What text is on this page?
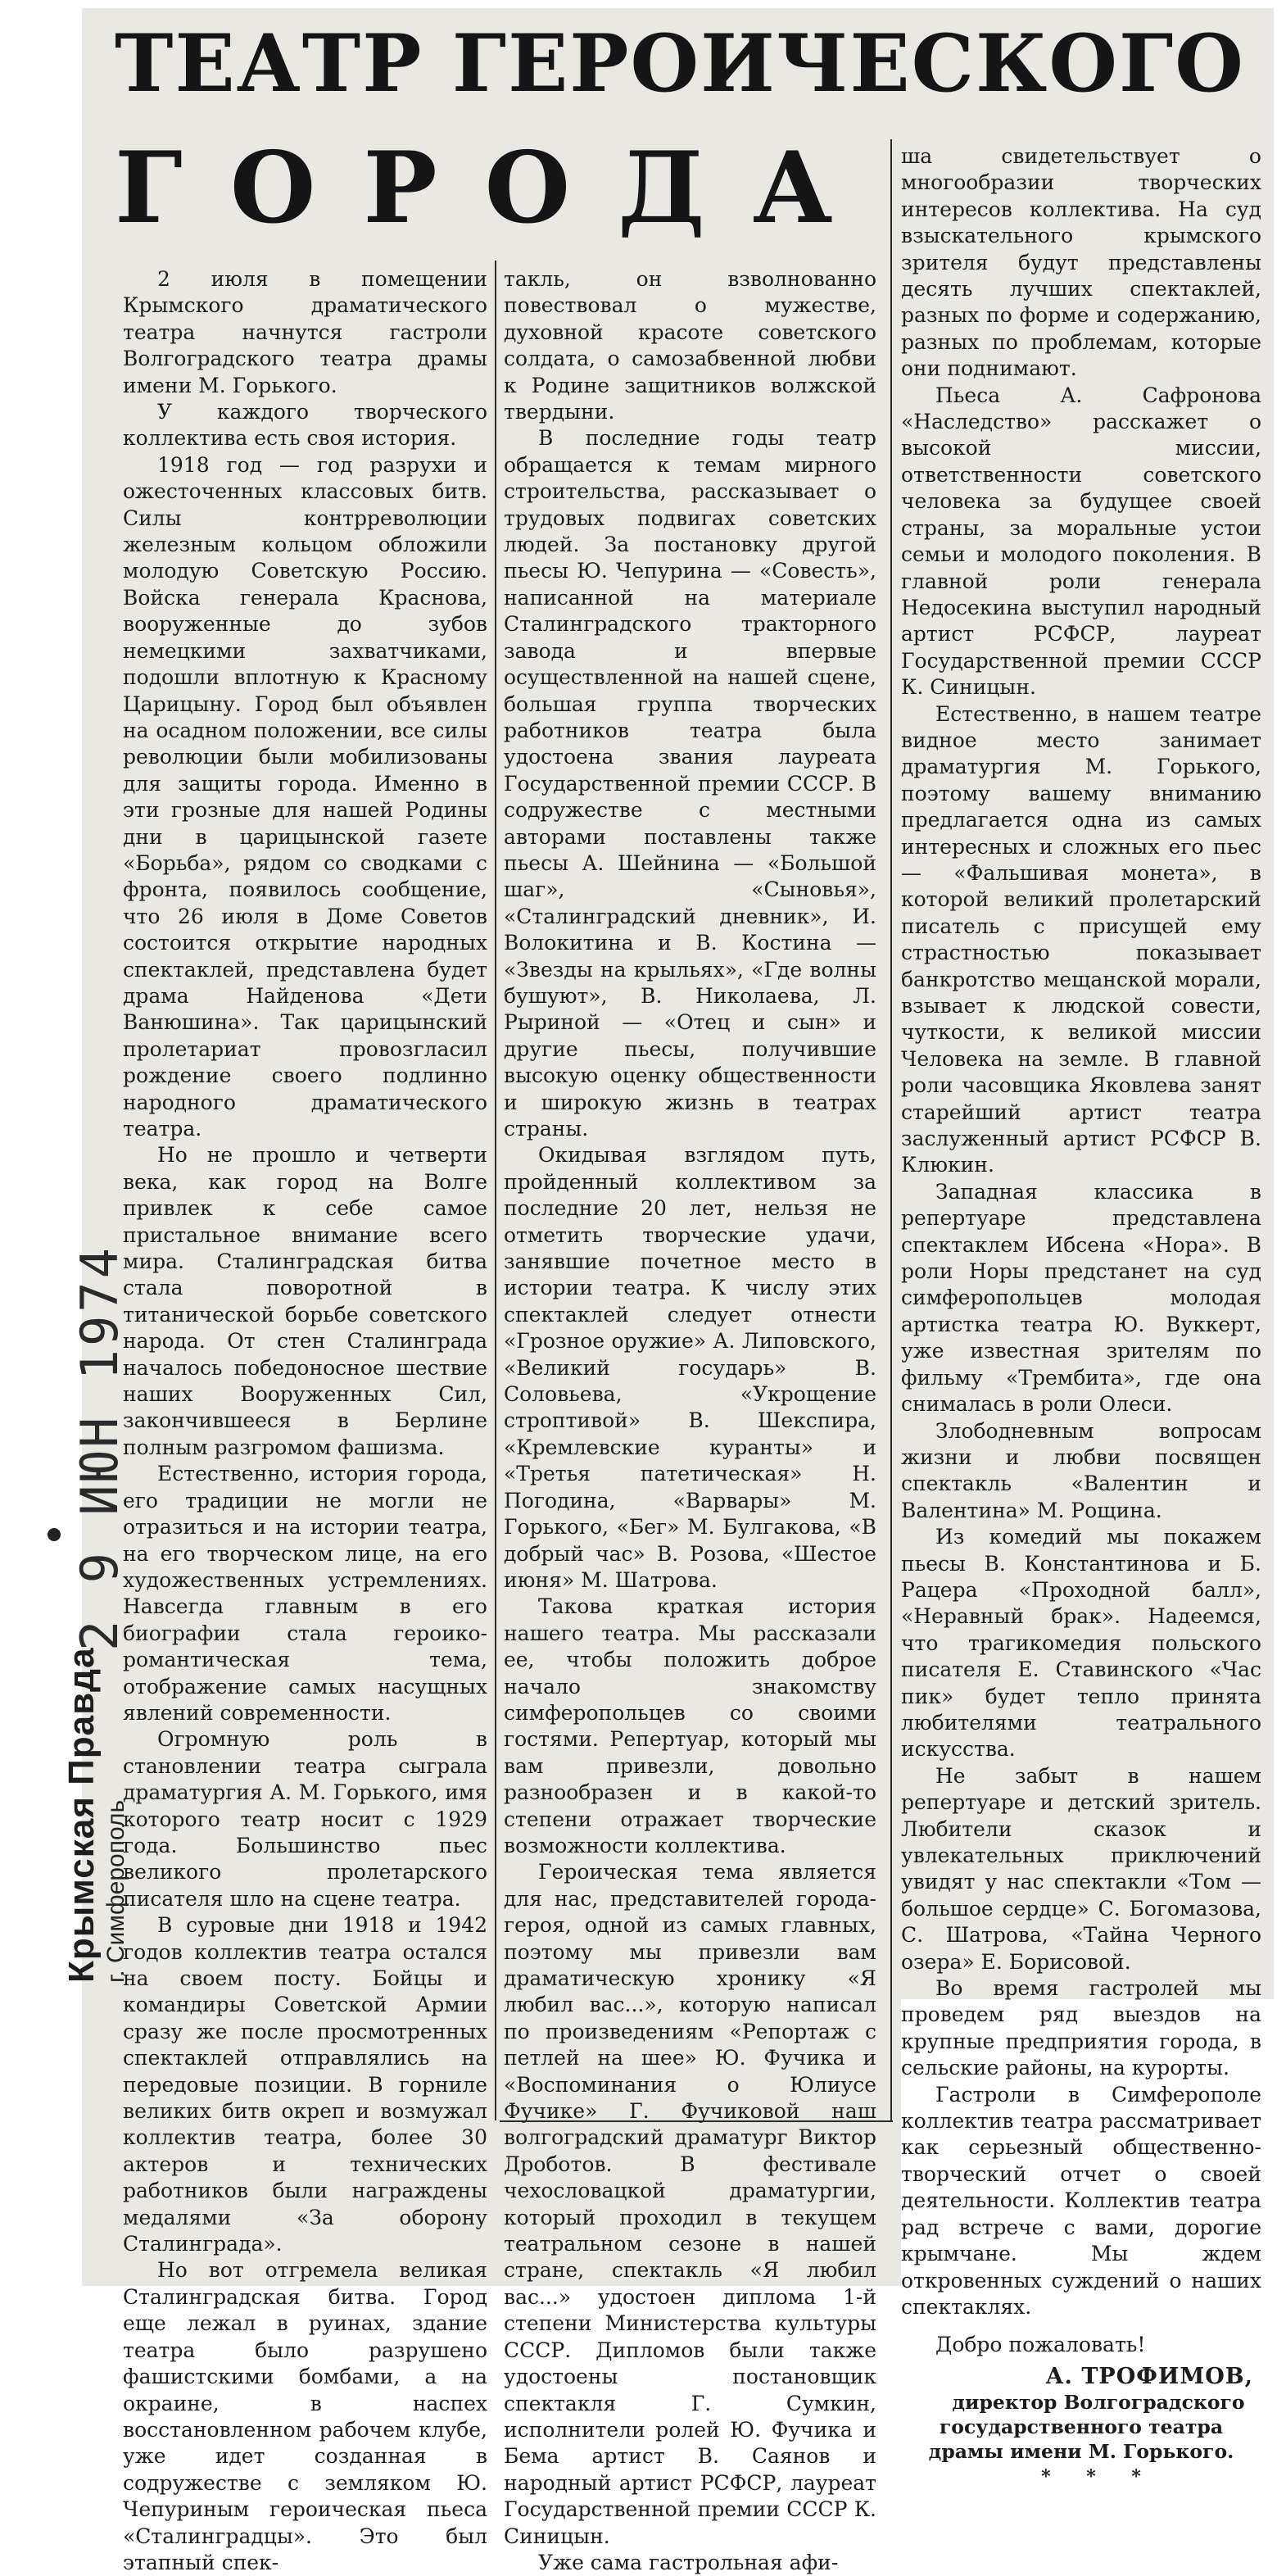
ТЕАТР ГЕРОИЧЕСКОГО
ГОРОДА

2 июля в помещении Крымского драматического театра начнутся гастроли Волгоградского театра драмы имени М. Горького.

У каждого творческого коллектива есть своя история.

1918 год — год разрухи и ожесточенных классовых битв. Силы контрреволюции железным кольцом обложили молодую Советскую Россию. Войска генерала Краснова, вооруженные до зубов немецкими захватчиками, подошли вплотную к Красному Царицыну. Город был объявлен на осадном положении, все силы революции были мобилизованы для защиты города. Именно в эти грозные для нашей Родины дни в царицынской газете «Борьба», рядом со сводками с фронта, появилось сообщение, что 26 июля в Доме Советов состоится открытие народных спектаклей, представлена будет драма Найденова «Дети Ванюшина». Так царицынский пролетариат провозгласил рождение своего подлинно народного драматического театра.

Но не прошло и четверти века, как город на Волге привлек к себе самое пристальное внимание всего мира. Сталинградская битва стала поворотной в титанической борьбе советского народа. От стен Сталинграда началось победоносное шествие наших Вооруженных Сил, закончившееся в Берлине полным разгромом фашизма.

Естественно, история города, его традиции не могли не отразиться и на истории театра, на его творческом лице, на его художественных устремлениях. Навсегда главным в его биографии стала героико-романтическая тема, отображение самых насущных явлений современности.

Огромную роль в становлении театра сыграла драматургия А. М. Горького, имя которого театр носит с 1929 года. Большинство пьес великого пролетарского писателя шло на сцене театра.

В суровые дни 1918 и 1942 годов коллектив театра остался на своем посту. Бойцы и командиры Советской Армии сразу же после просмотренных спектаклей отправлялись на передовые позиции. В горниле великих битв окреп и возмужал коллектив театра, более 30 актеров и технических работников были награждены медалями «За оборону Сталинграда».

Но вот отгремела великая Сталинградская битва. Город еще лежал в руинах, здание театра было разрушено фашистскими бомбами, а на окраине, в наспех восстановленном рабочем клубе, уже идет созданная в содружестве с земляком Ю. Чепуриным героическая пьеса «Сталинградцы». Это был этапный спек-

такль, он взволнованно повествовал о мужестве, духовной красоте советского солдата, о самозабвенной любви к Родине защитников волжской твердыни.

В последние годы театр обращается к темам мирного строительства, рассказывает о трудовых подвигах советских людей. За постановку другой пьесы Ю. Чепурина — «Совесть», написанной на материале Сталинградского тракторного завода и впервые осуществленной на нашей сцене, большая группа творческих работников театра была удостоена звания лауреата Государственной премии СССР. В содружестве с местными авторами поставлены также пьесы А. Шейнина — «Большой шаг», «Сыновья», «Сталинградский дневник», И. Волокитина и В. Костина — «Звезды на крыльях», «Где волны бушуют», В. Николаева, Л. Рыриной — «Отец и сын» и другие пьесы, получившие высокую оценку общественности и широкую жизнь в театрах страны.

Окидывая взглядом путь, пройденный коллективом за последние 20 лет, нельзя не отметить творческие удачи, занявшие почетное место в истории театра. К числу этих спектаклей следует отнести «Грозное оружие» А. Липовского, «Великий государь» В. Соловьева, «Укрощение строптивой» В. Шекспира, «Кремлевские куранты» и «Третья патетическая» Н. Погодина, «Варвары» М. Горького, «Бег» М. Булгакова, «В добрый час» В. Розова, «Шестое июня» М. Шатрова.

Такова краткая история нашего театра. Мы рассказали ее, чтобы положить доброе начало знакомству симферопольцев со своими гостями. Репертуар, который мы вам привезли, довольно разнообразен и в какой-то степени отражает творческие возможности коллектива.

Героическая тема является для нас, представителей города-героя, одной из самых главных, поэтому мы привезли вам драматическую хронику «Я любил вас...», которую написал по произведениям «Репортаж с петлей на шее» Ю. Фучика и «Воспоминания о Юлиусе Фучике» Г. Фучиковой наш волгоградский драматург Виктор Дроботов. В фестивале чехословацкой драматургии, который проходил в текущем театральном сезоне в нашей стране, спектакль «Я любил вас...» удостоен диплома 1-й степени Министерства культуры СССР. Дипломов были также удостоены постановщик спектакля Г. Сумкин, исполнители ролей Ю. Фучика и Бема артист В. Саянов и народный артист РСФСР, лауреат Государственной премии СССР К. Синицын.

Уже сама гастрольная афи-

ша свидетельствует о многообразии творческих интересов коллектива. На суд взыскательного крымского зрителя будут представлены десять лучших спектаклей, разных по форме и содержанию, разных по проблемам, которые они поднимают.

Пьеса А. Сафронова «Наследство» расскажет о высокой миссии, ответственности советского человека за будущее своей страны, за моральные устои семьи и молодого поколения. В главной роли генерала Недосекина выступил народный артист РСФСР, лауреат Государственной премии СССР К. Синицын.

Естественно, в нашем театре видное место занимает драматургия М. Горького, поэтому вашему вниманию предлагается одна из самых интересных и сложных его пьес— «Фальшивая монета», в которой великий пролетарский писатель с присущей ему страстностью показывает банкротство мещанской морали, взывает к людской совести, чуткости, к великой миссии Человека на земле. В главной роли часовщика Яковлева занят старейший артист театра заслуженный артист РСФСР В. Клюкин.

Западная классика в репертуаре представлена спектаклем Ибсена «Нора». В роли Норы предстанет на суд симферопольцев молодая артистка театра Ю. Вуккерт, уже известная зрителям по фильму «Трембита», где она снималась в роли Олеси.

Злободневным вопросам жизни и любви посвящен спектакль «Валентин и Валентина» М. Рощина.

Из комедий мы покажем пьесы В. Константинова и Б. Рацера «Проходной балл», «Неравный брак». Надеемся, что трагикомедия польского писателя Е. Ставинского «Час пик» будет тепло принята любителями театрального искусства.

Не забыт в нашем репертуаре и детский зритель. Любители сказок и увлекательных приключений увидят у нас спектакли «Том — большое сердце» С. Богомазова, С. Шатрова, «Тайна Черного озера» Е. Борисовой.

Во время гастролей мы проведем ряд выездов на крупные предприятия города, в сельские районы, на курорты.

Гастроли в Симферополе коллектив театра рассматривает как серьезный общественно-творческий отчет о своей деятельности. Коллектив театра рад встрече с вами, дорогие крымчане. Мы ждем откровенных суждений о наших спектаклях.

Добро пожаловать!

А. ТРОФИМОВ,

директор Волгоградского государственного театра драмы имени М. Горького.

* * *

2 9 ИЮН 1974
Крымская Правда г. Симферополь
